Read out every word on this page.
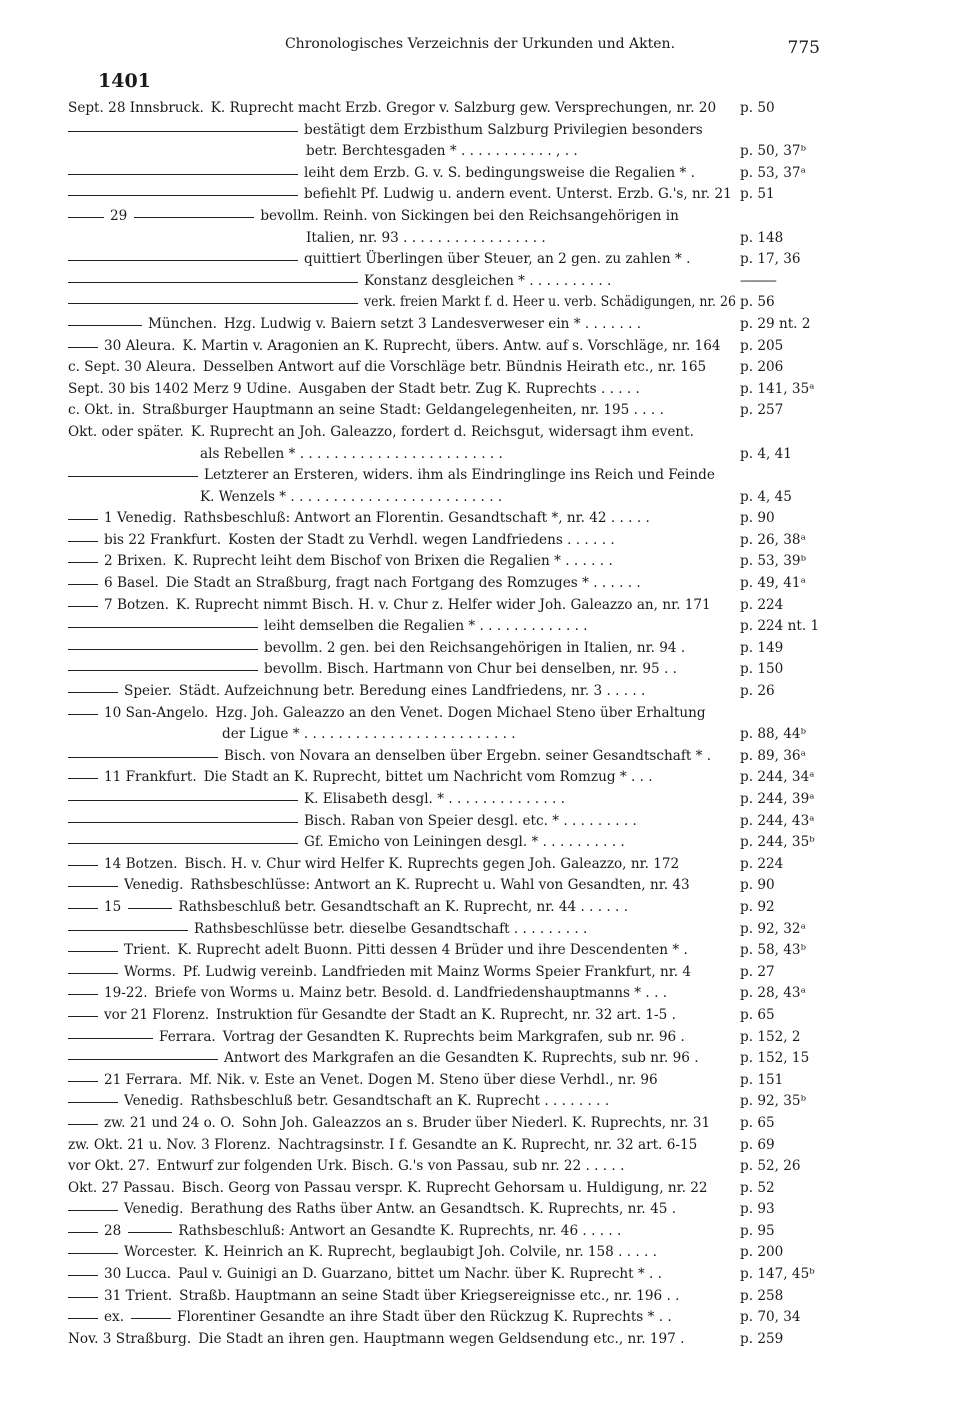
Chronologisches Verzeichnis der Urkunden und Akten.	775
1401
Sept. 28 Innsbruck. K. Ruprecht macht Erzb. Gregor v. Salzburg gew. Versprechungen, nr. 20 p. 50
bestätigt dem Erzbisthum Salzburg Privilegien besonders
betr. Berchtesgaden * . . . . . . . . . . . , . .	p. 50, 37ᵇ
leiht dem Erzb. G. v. S. bedingungsweise die Regalien * .	p. 53, 37ᵃ
befiehlt Pf. Ludwig u. andern event. Unterst. Erzb. G.'s, nr. 21 p. 51
29	bevollm. Reinh. von Sickingen bei den Reichsangehörigen in
Italien, nr. 93 . . . . . . . . . . . . . . . . .	p. 148
quittiert Überlingen über Steuer, an 2 gen. zu zahlen * .	p. 17, 36
Konstanz desgleichen * . . . . . . . . . .	———
verk. freien Markt f. d. Heer u. verb. Schädigungen, nr. 26 p. 56
München. Hzg. Ludwig v. Baiern setzt 3 Landesverweser ein * . . . . . . .	p. 29 nt. 2
30 Aleura. K. Martin v. Aragonien an K. Ruprecht, übers. Antw. auf s. Vorschläge, nr. 164 p. 205
c. Sept. 30 Aleura. Desselben Antwort auf die Vorschläge betr. Bündnis Heirath etc., nr. 165 p. 206
Sept. 30 bis 1402 Merz 9 Udine. Ausgaben der Stadt betr. Zug K. Ruprechts . . . . .	p. 141, 35ᵃ
c. Okt. in. Straßburger Hauptmann an seine Stadt: Geldangelegenheiten, nr. 195 . . . .	p. 257
Okt. oder später. K. Ruprecht an Joh. Galeazzo, fordert d. Reichsgut, widersagt ihm event.
als Rebellen * . . . . . . . . . . . . . . . . . . . . . . . .	p. 4, 41
Letzterer an Ersteren, widers. ihm als Eindringlinge ins Reich und Feinde
K. Wenzels * . . . . . . . . . . . . . . . . . . . . . . . . .	p. 4, 45
1 Venedig. Rathsbeschluß: Antwort an Florentin. Gesandtschaft *, nr. 42 . . . . .	p. 90
bis 22 Frankfurt. Kosten der Stadt zu Verhdl. wegen Landfriedens . . . . . .	p. 26, 38ᵃ
2 Brixen. K. Ruprecht leiht dem Bischof von Brixen die Regalien * . . . . . .	p. 53, 39ᵇ
6 Basel. Die Stadt an Straßburg, fragt nach Fortgang des Romzuges * . . . . . .	p. 49, 41ᵃ
7 Botzen. K. Ruprecht nimmt Bisch. H. v. Chur z. Helfer wider Joh. Galeazzo an, nr. 171 p. 224
leiht demselben die Regalien * . . . . . . . . . . . . .	p. 224 nt. 1
bevollm. 2 gen. bei den Reichsangehörigen in Italien, nr. 94 .	p. 149
bevollm. Bisch. Hartmann von Chur bei denselben, nr. 95 . .	p. 150
Speier. Städt. Aufzeichnung betr. Beredung eines Landfriedens, nr. 3 . . . . .	p. 26
10 San-Angelo. Hzg. Joh. Galeazzo an den Venet. Dogen Michael Steno über Erhaltung
der Ligue * . . . . . . . . . . . . . . . . . . . . . . . . .	p. 88, 44ᵇ
Bisch. von Novara an denselben über Ergebn. seiner Gesandtschaft * . p. 89, 36ᵃ
11 Frankfurt. Die Stadt an K. Ruprecht, bittet um Nachricht vom Romzug * . . .	p. 244, 34ᵃ
K. Elisabeth desgl. * . . . . . . . . . . . . . .	p. 244, 39ᵃ
Bisch. Raban von Speier desgl. etc. * . . . . . . . . .	p. 244, 43ᵃ
Gf. Emicho von Leiningen desgl. * . . . . . . . . . .	p. 244, 35ᵇ
14 Botzen. Bisch. H. v. Chur wird Helfer K. Ruprechts gegen Joh. Galeazzo, nr. 172	p. 224
Venedig. Rathsbeschlüsse: Antwort an K. Ruprecht u. Wahl von Gesandten, nr. 43	p. 90
15	Rathsbeschluß betr. Gesandtschaft an K. Ruprecht, nr. 44 . . . . . .	p. 92
Rathsbeschlüsse betr. dieselbe Gesandtschaft . . . . . . . . .	p. 92, 32ᵃ
Trient. K. Ruprecht adelt Buonn. Pitti dessen 4 Brüder und ihre Descendenten * .	p. 58, 43ᵇ
Worms. Pf. Ludwig vereinb. Landfrieden mit Mainz Worms Speier Frankfurt, nr. 4	p. 27
19-22. Briefe von Worms u. Mainz betr. Besold. d. Landfriedenshauptmanns * . . .	p. 28, 43ᵃ
vor 21 Florenz. Instruktion für Gesandte der Stadt an K. Ruprecht, nr. 32 art. 1-5 .	p. 65
Ferrara. Vortrag der Gesandten K. Ruprechts beim Markgrafen, sub nr. 96 .	p. 152, 2
Antwort des Markgrafen an die Gesandten K. Ruprechts, sub nr. 96 .	p. 152, 15
21 Ferrara. Mf. Nik. v. Este an Venet. Dogen M. Steno über diese Verhdl., nr. 96	p. 151
Venedig. Rathsbeschluß betr. Gesandtschaft an K. Ruprecht . . . . . . . .	p. 92, 35ᵇ
zw. 21 und 24 o. O. Sohn Joh. Galeazzos an s. Bruder über Niederl. K. Ruprechts, nr. 31 p. 65
zw. Okt. 21 u. Nov. 3 Florenz. Nachtragsinstr. I f. Gesandte an K. Ruprecht, nr. 32 art. 6-15	p. 69
vor Okt. 27. Entwurf zur folgenden Urk. Bisch. G.'s von Passau, sub nr. 22 . . . . .	p. 52, 26
Okt. 27 Passau. Bisch. Georg von Passau verspr. K. Ruprecht Gehorsam u. Huldigung, nr. 22 p. 52
Venedig. Berathung des Raths über Antw. an Gesandtsch. K. Ruprechts, nr. 45 .	p. 93
28	Rathsbeschluß: Antwort an Gesandte K. Ruprechts, nr. 46 . . . . .	p. 95
Worcester. K. Heinrich an K. Ruprecht, beglaubigt Joh. Colvile, nr. 158 . . . . .	p. 200
30 Lucca. Paul v. Guinigi an D. Guarzano, bittet um Nachr. über K. Ruprecht * . .	p. 147, 45ᵇ
31 Trient. Straßb. Hauptmann an seine Stadt über Kriegsereignisse etc., nr. 196 . .	p. 258
ex.	Florentiner Gesandte an ihre Stadt über den Rückzug K. Ruprechts * . .	p. 70, 34
Nov. 3 Straßburg. Die Stadt an ihren gen. Hauptmann wegen Geldsendung etc., nr. 197 .	p. 259
